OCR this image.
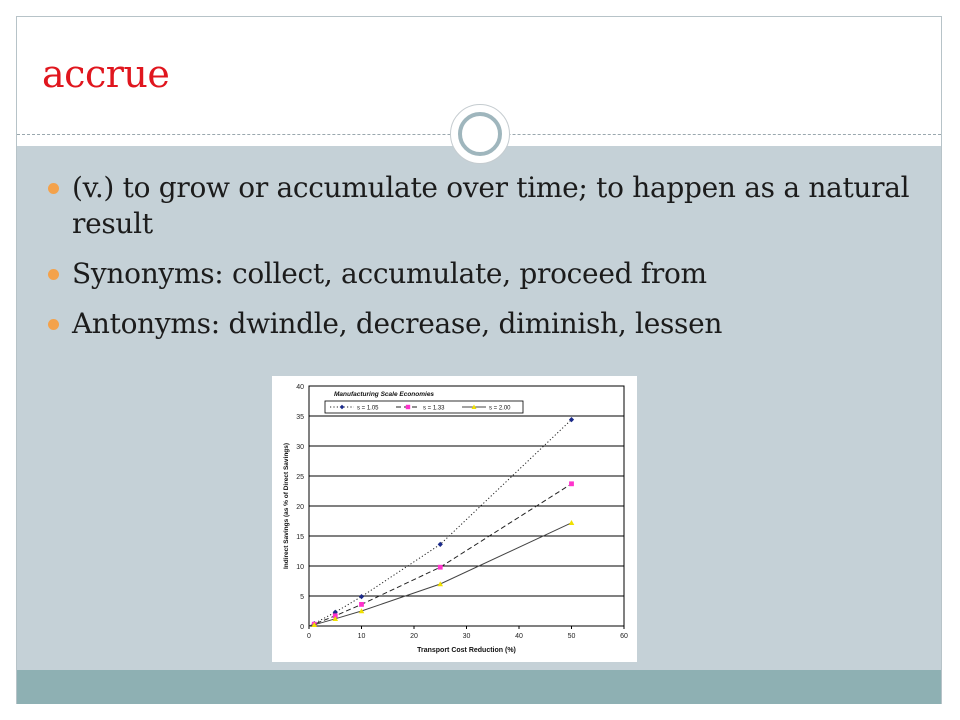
accrue
(v.) to grow or accumulate over time; to happen as a natural result
Synonyms: collect, accumulate, proceed from
Antonyms: dwindle, decrease, diminish, lessen
0
5
10
15
20
25
30
35
40
0	10	20	30	40	50	60
Transport Cost Reduction (%)
Indirect Savings (as % of Direct Savings)
Manufacturing Scale Economies
s = 1.05	s = 1.33	s = 2.00
